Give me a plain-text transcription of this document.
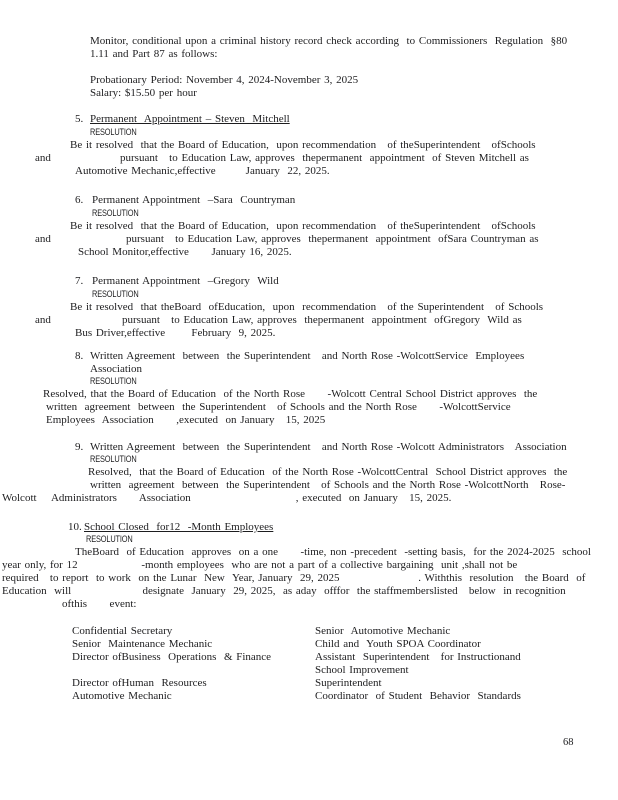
Monitor, conditional upon a criminal history record check according  to Commissioners  Regulation  §80
1.11 and Part 87 as follows:
Probationary Period: November 4, 2024-November 3, 2025
Salary: $15.50 per hour
5. Permanent  Appointment – Steven  Mitchell
RESOLUTION
Be it resolved  that the Board of Education,  upon recommendation   of theSuperintendent   ofSchools
and	pursuant   to Education Law, approves  thepermanent  appointment  of Steven Mitchell as
Automotive Mechanic,effective        January  22, 2025.
6. Permanent Appointment  –Sara  Countryman
RESOLUTION
Be it resolved  that the Board of Education,  upon recommendation   of theSuperintendent   ofSchools
and	pursuant   to Education Law, approves  thepermanent  appointment  ofSara Countryman as
School Monitor,effective      January 16, 2025.
7. Permanent Appointment  –Gregory  Wild
RESOLUTION
Be it resolved  that theBoard  ofEducation,  upon  recommendation   of the Superintendent   of Schools
and	pursuant   to Education Law, approves  thepermanent  appointment  ofGregory  Wild as
Bus Driver,effective       February  9, 2025.
8. Written Agreement  between  the Superintendent   and North Rose -WolcottService  Employees
Association
RESOLUTION
Resolved, that the Board of Education  of the North Rose      -Wolcott Central School District approves  the
written  agreement  between  the Superintendent   of Schools and the North Rose      -WolcottService
Employees  Association      ,executed  on January   15, 2025
9. Written Agreement  between  the Superintendent   and North Rose -Wolcott Administrators   Association
RESOLUTION
Resolved,  that the Board of Education  of the North Rose -WolcottCentral  School District approves  the
written  agreement  between  the Superintendent   of Schools and the North Rose -WolcottNorth   Rose-
Wolcott    Administrators      Association                            , executed  on January   15, 2025.
10. School Closed  for12  -Month Employees
RESOLUTION
TheBoard  of Education  approves  on a one      -time, non -precedent  -setting basis,  for the 2024-2025  school
year only, for 12                 -month employees  who are not a part of a collective bargaining  unit ,shall not be
required   to report  to work  on the Lunar  New  Year, January  29, 2025                     . Withthis  resolution   the Board  of
Education  will                   designate  January  29, 2025,  as aday  offfor  the staffmemberslisted   below  in recognition
ofthis      event:
Confidential Secretary	Senior  Automotive Mechanic
Senior  Maintenance Mechanic	Child and  Youth SPOA Coordinator
Director ofBusiness  Operations  & Finance	Assistant  Superintendent   for Instructionand
School Improvement
Director ofHuman  Resources	Superintendent
Automotive Mechanic	Coordinator  of Student  Behavior  Standards
68
